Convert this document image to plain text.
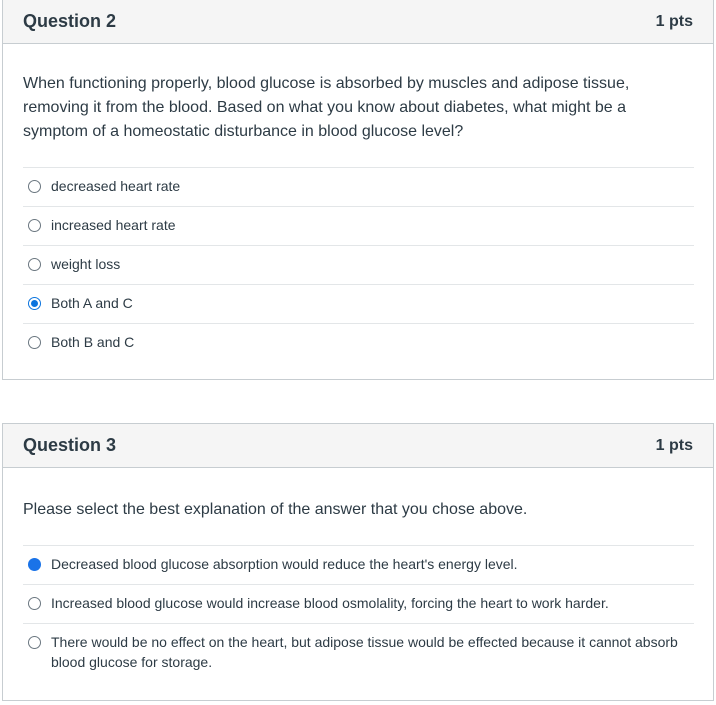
Question 2	1 pts
When functioning properly, blood glucose is absorbed by muscles and adipose tissue, removing it from the blood. Based on what you know about diabetes, what might be a symptom of a homeostatic disturbance in blood glucose level?
decreased heart rate
increased heart rate
weight loss
Both A and C
Both B and C
Question 3	1 pts
Please select the best explanation of the answer that you chose above.
Decreased blood glucose absorption would reduce the heart's energy level.
Increased blood glucose would increase blood osmolality, forcing the heart to work harder.
There would be no effect on the heart, but adipose tissue would be effected because it cannot absorb blood glucose for storage.
